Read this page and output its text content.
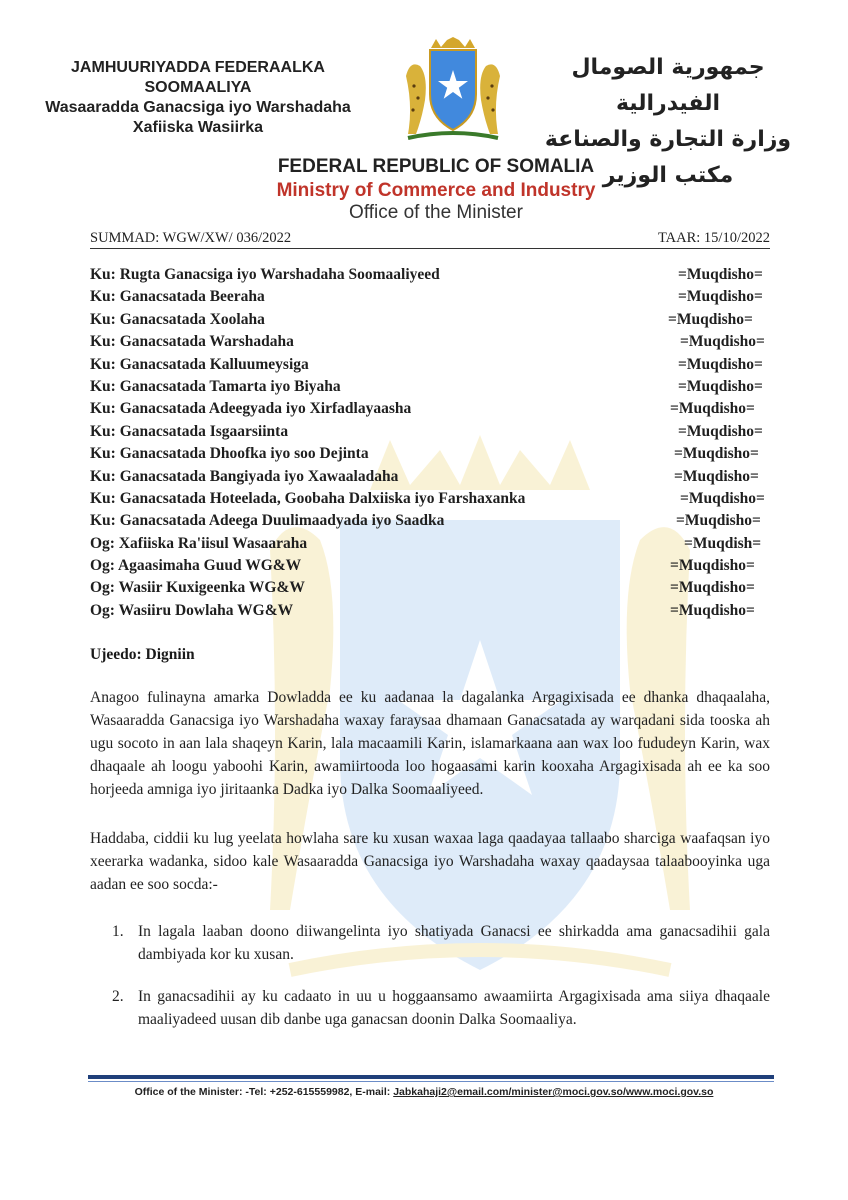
JAMHUURIYADDA FEDERAALKA SOOMAALIYA
Wasaaradda Ganacsiga iyo Warshadaha
Xafiiska Wasiirka
جمهورية الصومال الفيدرالية
وزارة التجارة والصناعة
مكتب الوزير
FEDERAL REPUBLIC OF SOMALIA
Ministry of Commerce and Industry
Office of the Minister
SUMMAD: WGW/XW/ 036/2022	TAAR: 15/10/2022
Ku: Rugta Ganacsiga iyo Warshadaha Soomaaliyeed	=Muqdisho=
Ku: Ganacsatada Beeraha	=Muqdisho=
Ku: Ganacsatada Xoolaha	=Muqdisho=
Ku: Ganacsatada Warshadaha	=Muqdisho=
Ku: Ganacsatada Kalluumeysiga	=Muqdisho=
Ku: Ganacsatada Tamarta iyo Biyaha	=Muqdisho=
Ku: Ganacsatada Adeegyada iyo Xirfadlayaasha	=Muqdisho=
Ku: Ganacsatada Isgaarsiinta	=Muqdisho=
Ku: Ganacsatada Dhoofka iyo soo Dejinta	=Muqdisho=
Ku: Ganacsatada Bangiyada iyo Xawaaladaha	=Muqdisho=
Ku: Ganacsatada Hoteelada, Goobaha Dalxiiska iyo Farshaxanka	=Muqdisho=
Ku: Ganacsatada Adeega Duulimaadyada iyo Saadka	=Muqdisho=
Og: Xafiiska Ra'iisul Wasaaraha	=Muqdish=
Og: Agaasimaha Guud WG&W	=Muqdisho=
Og: Wasiir Kuxigeenka WG&W	=Muqdisho=
Og: Wasiiru Dowlaha WG&W	=Muqdisho=
Ujeedo: Digniin

Anagoo fulinayna amarka Dowladda ee ku aadanaa la dagalanka Argagixisada ee dhanka dhaqaalaha, Wasaaradda Ganacsiga iyo Warshadaha waxay faraysaa dhamaan Ganacsatada ay warqadani sida tooska ah ugu socoto in aan lala shaqeyn Karin, lala macaamili Karin, islamarkaana aan wax loo fududeyn Karin, wax dhaqaale ah loogu yaboohi Karin, awamiirtooda loo hogaasami karin kooxaha Argagixisada ah ee ka soo horjeeda amniga iyo jiritaanka Dadka iyo Dalka Soomaaliyeed.

Haddaba, ciddii ku lug yeelata howlaha sare ku xusan waxaa laga qaadayaa tallaabo sharciga waafaqsan iyo xeerarka wadanka, sidoo kale Wasaaradda Ganacsiga iyo Warshadaha waxay qaadaysaa talaabooyinka uga aadan ee soo socda:-

1. In lagala laaban doono diiwangelinta iyo shatiyada Ganacsi ee shirkadda ama ganacsadihii gala dambiyada kor ku xusan.
2. In ganacsadihii ay ku cadaato in uu u hoggaansamo awaamiirta Argagixisada ama siiya dhaqaale maaliyadeed uusan dib danbe uga ganacsan doonin Dalka Soomaaliya.
Office of the Minister: -Tel: +252-615559982, E-mail: Jabkahaji2@email.com/minister@moci.gov.so/www.moci.gov.so
